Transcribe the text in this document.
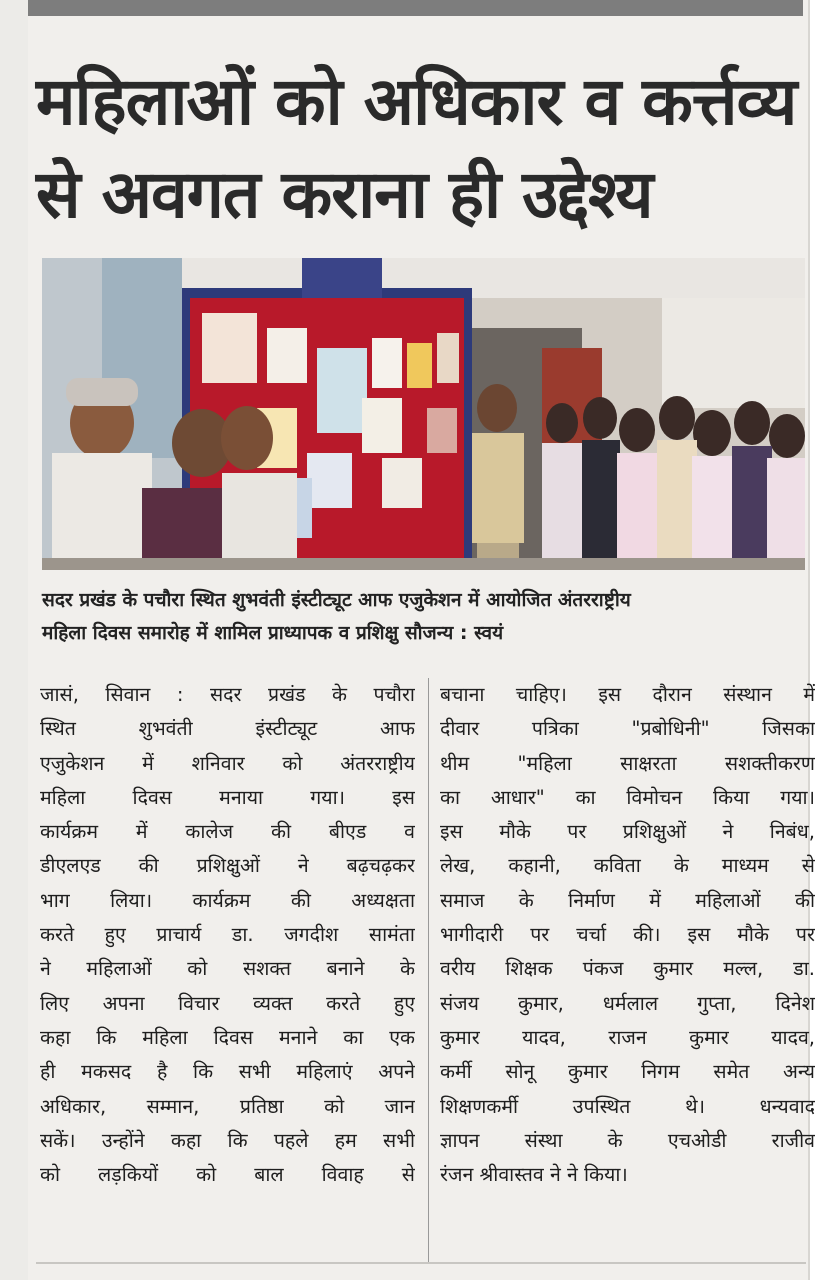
महिलाओं को अधिकार व कर्त्तव्य
से अवगत कराना ही उद्देश्य
सदर प्रखंड के पचौरा स्थित शुभवंती इंस्टीट्यूट आफ एजुकेशन में आयोजित अंतरराष्ट्रीय
महिला दिवस समारोह में शामिल प्राध्यापक व प्रशिक्षु सौजन्य : स्वयं
जासं, सिवान : सदर प्रखंड के पचौरा
स्थित शुभवंती इंस्टीट्यूट आफ
एजुकेशन में शनिवार को अंतरराष्ट्रीय
महिला दिवस मनाया गया। इस
कार्यक्रम में कालेज की बीएड व
डीएलएड की प्रशिक्षुओं ने बढ़चढ़कर
भाग लिया। कार्यक्रम की अध्यक्षता
करते हुए प्राचार्य डा. जगदीश सामंता
ने महिलाओं को सशक्त बनाने के
लिए अपना विचार व्यक्त करते हुए
कहा कि महिला दिवस मनाने का एक
ही मकसद है कि सभी महिलाएं अपने
अधिकार, सम्मान, प्रतिष्ठा को जान
सकें। उन्होंने कहा कि पहले हम सभी
को लड़कियों को बाल विवाह से
बचाना चाहिए। इस दौरान संस्थान में
दीवार पत्रिका "प्रबोधिनी" जिसका
थीम "महिला साक्षरता सशक्तीकरण
का आधार" का विमोचन किया गया।
इस मौके पर प्रशिक्षुओं ने निबंध,
लेख, कहानी, कविता के माध्यम से
समाज के निर्माण में महिलाओं की
भागीदारी पर चर्चा की। इस मौके पर
वरीय शिक्षक पंकज कुमार मल्ल, डा.
संजय कुमार, धर्मलाल गुप्ता, दिनेश
कुमार यादव, राजन कुमार यादव,
कर्मी सोनू कुमार निगम समेत अन्य
शिक्षणकर्मी उपस्थित थे। धन्यवाद
ज्ञापन संस्था के एचओडी राजीव
रंजन श्रीवास्तव ने ने किया।
